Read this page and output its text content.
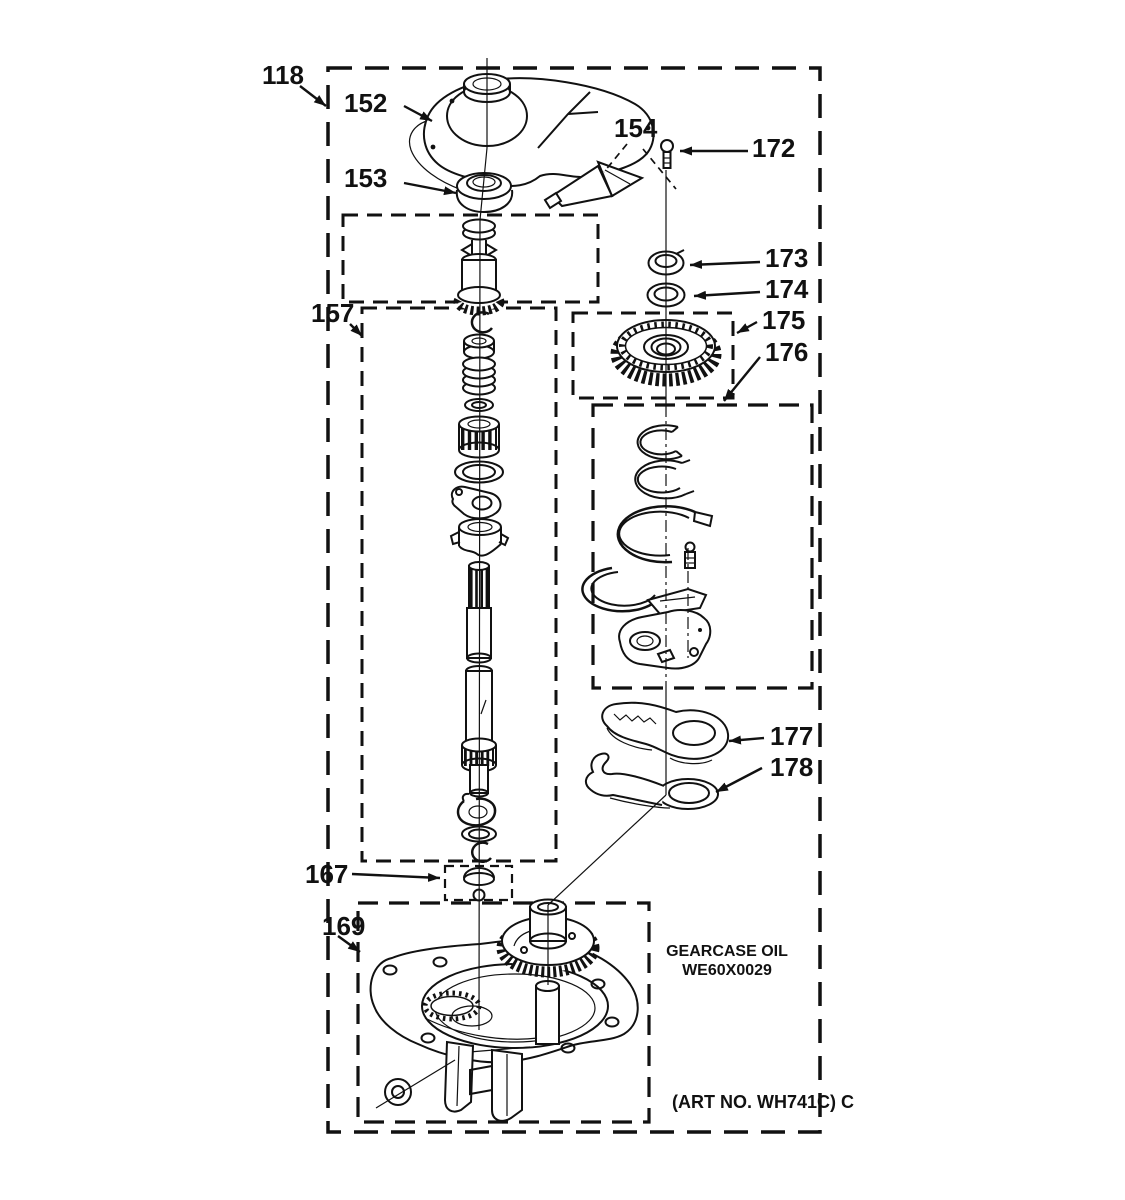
118
152
153
154
157
172
173
174
175
176
177
178
167
169
GEARCASE OIL
WE60X0029
(ART NO. WH741C) C
